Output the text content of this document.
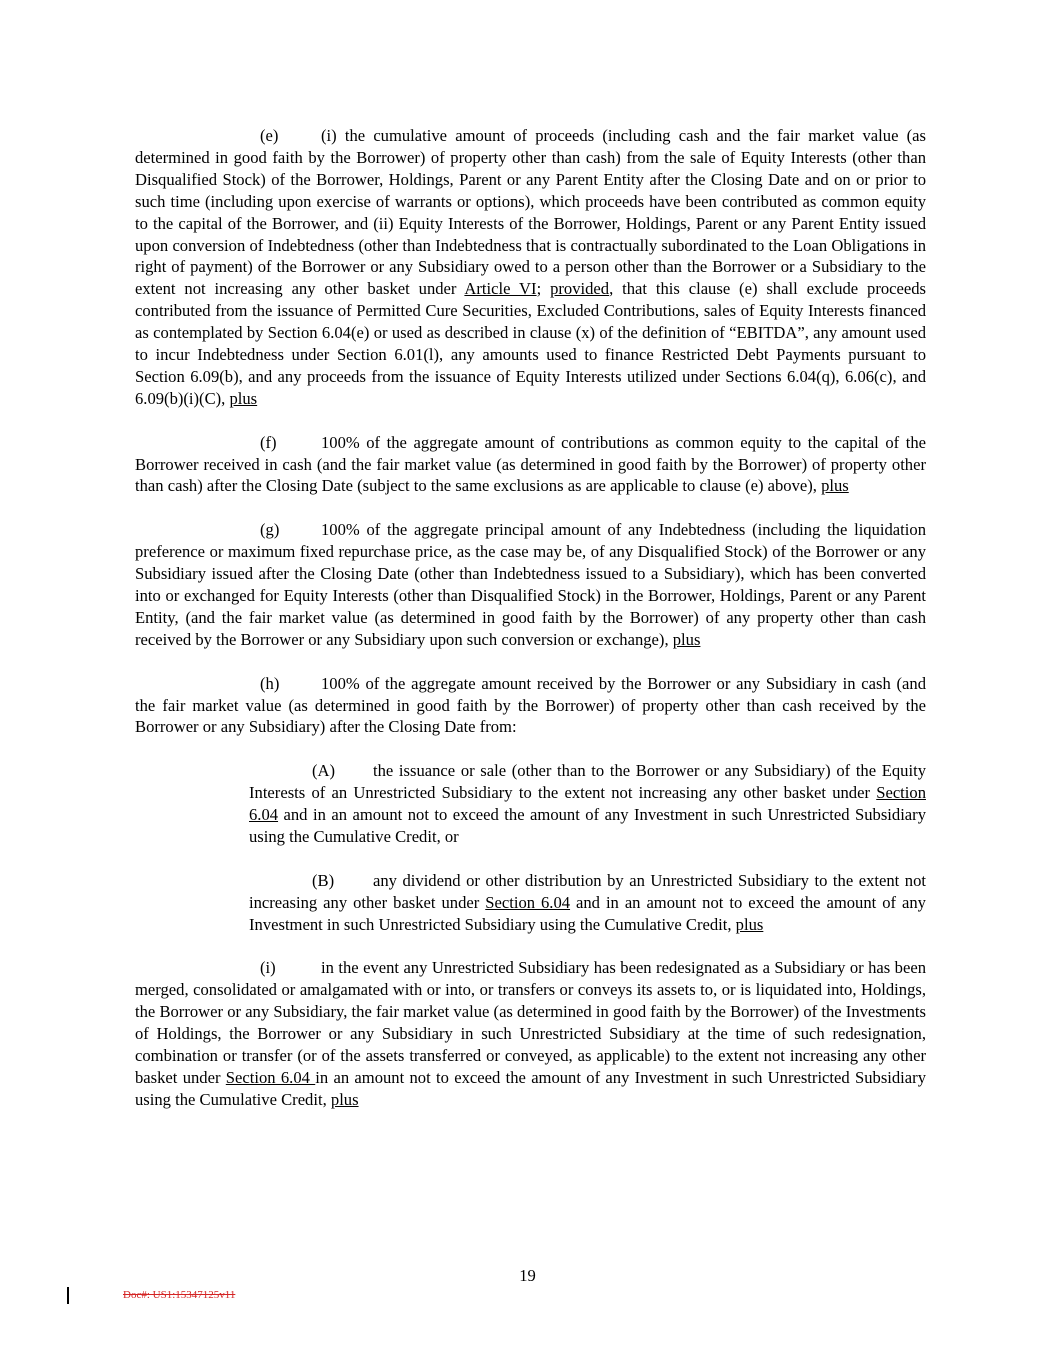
(e)	(i) the cumulative amount of proceeds (including cash and the fair market value (as determined in good faith by the Borrower) of property other than cash) from the sale of Equity Interests (other than Disqualified Stock) of the Borrower, Holdings, Parent or any Parent Entity after the Closing Date and on or prior to such time (including upon exercise of warrants or options), which proceeds have been contributed as common equity to the capital of the Borrower, and (ii) Equity Interests of the Borrower, Holdings, Parent or any Parent Entity issued upon conversion of Indebtedness (other than Indebtedness that is contractually subordinated to the Loan Obligations in right of payment) of the Borrower or any Subsidiary owed to a person other than the Borrower or a Subsidiary to the extent not increasing any other basket under Article VI; provided, that this clause (e) shall exclude proceeds contributed from the issuance of Permitted Cure Securities, Excluded Contributions, sales of Equity Interests financed as contemplated by Section 6.04(e) or used as described in clause (x) of the definition of “EBITDA”, any amount used to incur Indebtedness under Section 6.01(l), any amounts used to finance Restricted Debt Payments pursuant to Section 6.09(b), and any proceeds from the issuance of Equity Interests utilized under Sections 6.04(q), 6.06(c), and 6.09(b)(i)(C), plus

(f)	100% of the aggregate amount of contributions as common equity to the capital of the Borrower received in cash (and the fair market value (as determined in good faith by the Borrower) of property other than cash) after the Closing Date (subject to the same exclusions as are applicable to clause (e) above), plus

(g)	100% of the aggregate principal amount of any Indebtedness (including the liquidation preference or maximum fixed repurchase price, as the case may be, of any Disqualified Stock) of the Borrower or any Subsidiary issued after the Closing Date (other than Indebtedness issued to a Subsidiary), which has been converted into or exchanged for Equity Interests (other than Disqualified Stock) in the Borrower, Holdings, Parent or any Parent Entity, (and the fair market value (as determined in good faith by the Borrower) of any property other than cash received by the Borrower or any Subsidiary upon such conversion or exchange), plus

(h)	100% of the aggregate amount received by the Borrower or any Subsidiary in cash (and the fair market value (as determined in good faith by the Borrower) of property other than cash received by the Borrower or any Subsidiary) after the Closing Date from:

(A) the issuance or sale (other than to the Borrower or any Subsidiary) of the Equity Interests of an Unrestricted Subsidiary to the extent not increasing any other basket under Section 6.04 and in an amount not to exceed the amount of any Investment in such Unrestricted Subsidiary using the Cumulative Credit, or

(B) any dividend or other distribution by an Unrestricted Subsidiary to the extent not increasing any other basket under Section 6.04 and in an amount not to exceed the amount of any Investment in such Unrestricted Subsidiary using the Cumulative Credit, plus

(i)	in the event any Unrestricted Subsidiary has been redesignated as a Subsidiary or has been merged, consolidated or amalgamated with or into, or transfers or conveys its assets to, or is liquidated into, Holdings, the Borrower or any Subsidiary, the fair market value (as determined in good faith by the Borrower) of the Investments of Holdings, the Borrower or any Subsidiary in such Unrestricted Subsidiary at the time of such redesignation, combination or transfer (or of the assets transferred or conveyed, as applicable) to the extent not increasing any other basket under Section 6.04 in an amount not to exceed the amount of any Investment in such Unrestricted Subsidiary using the Cumulative Credit, plus

19
Doc#: US1:15347125v11
